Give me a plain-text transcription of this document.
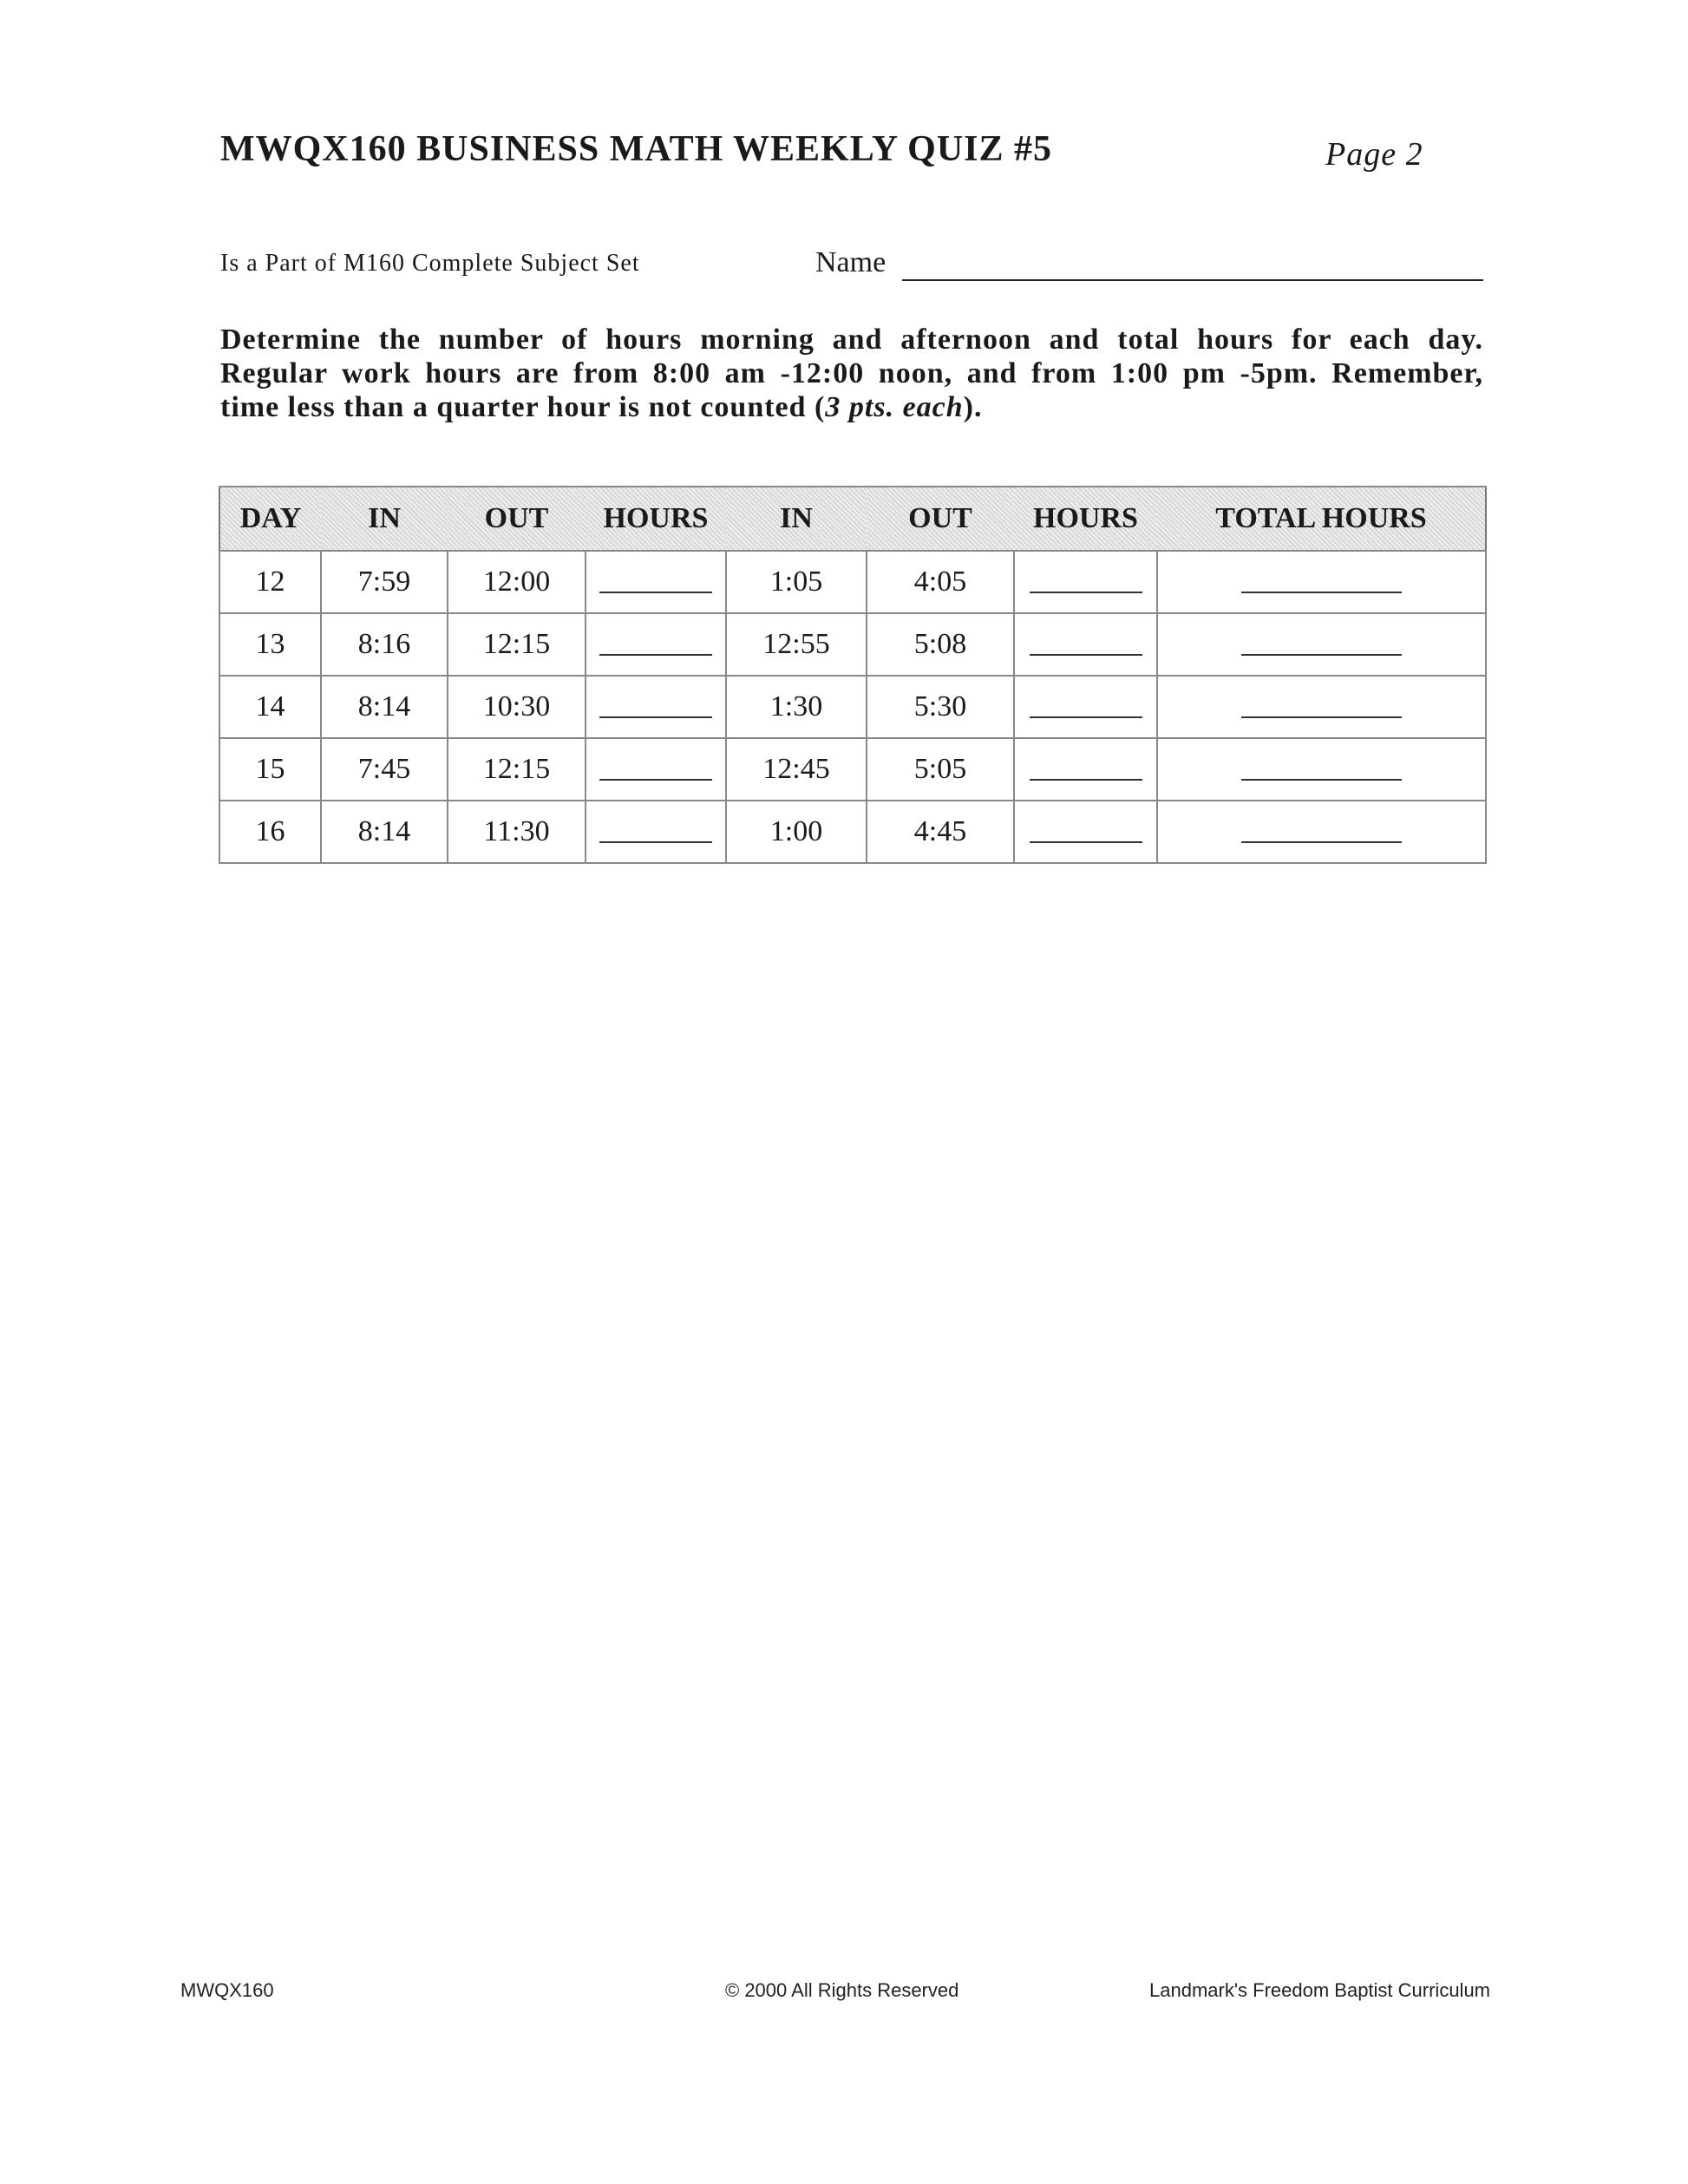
MWQX160 BUSINESS MATH WEEKLY QUIZ #5	Page 2
Is a Part of M160 Complete Subject Set	Name
Determine the number of hours morning and afternoon and total hours for each day.
Regular work hours are from 8:00 am -12:00 noon, and from 1:00 pm -5pm. Remember,
time less than a quarter hour is not counted (3 pts. each).
DAY	IN	OUT	HOURS	IN	OUT	HOURS	TOTAL HOURS
12	7:59	12:00		1:05	4:05		
13	8:16	12:15		12:55	5:08		
14	8:14	10:30		1:30	5:30		
15	7:45	12:15		12:45	5:05		
16	8:14	11:30		1:00	4:45		
MWQX160	© 2000 All Rights Reserved	Landmark's Freedom Baptist Curriculum
